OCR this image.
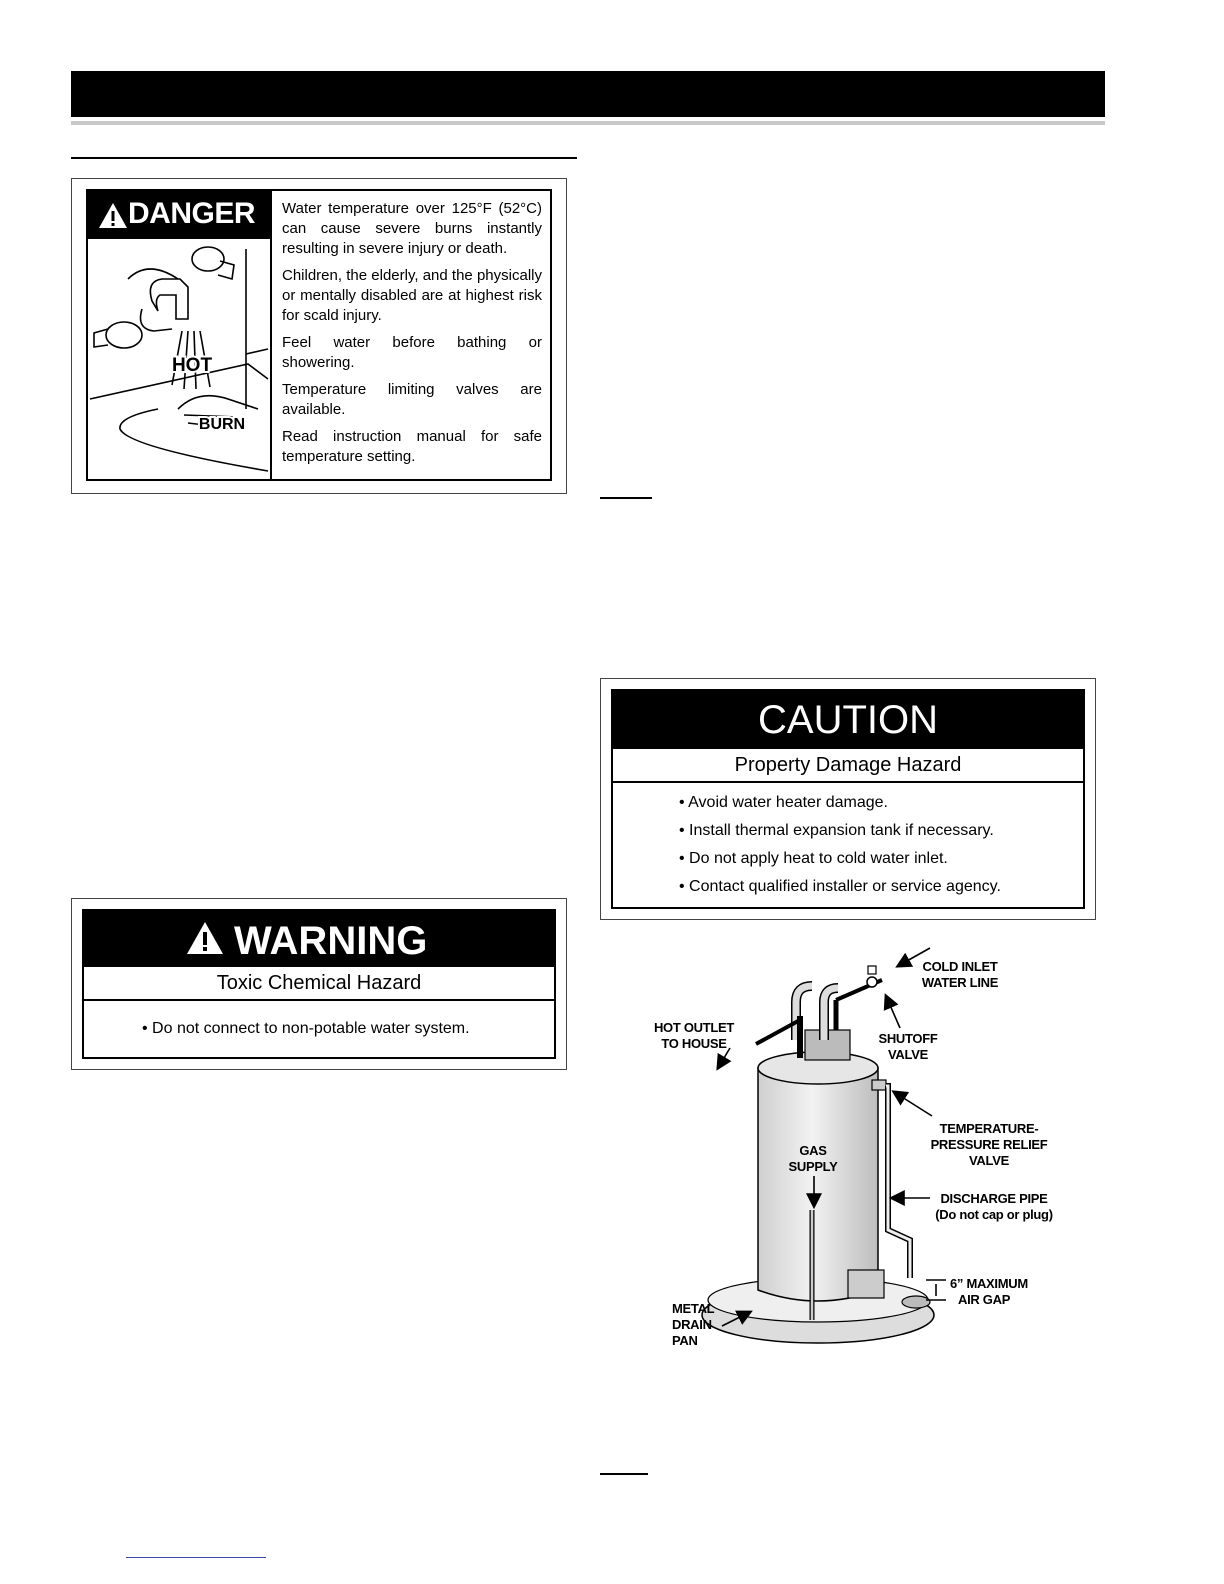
DANGER
HOT
BURN

Water temperature over 125°F (52°C) can cause severe burns instantly resulting in severe injury or death.

Children, the elderly, and the physically or mentally disabled are at highest risk for scald injury.

Feel water before bathing or showering.

Temperature limiting valves are available.

Read instruction manual for safe temperature setting.

WARNING
Toxic Chemical Hazard
• Do not connect to non-potable water system.
CAUTION
Property Damage Hazard
• Avoid water heater damage.
• Install thermal expansion tank if necessary.
• Do not apply heat to cold water inlet.
• Contact qualified installer or service agency.
COLD INLET
WATER LINE
HOT OUTLET
TO HOUSE	SHUTOFF
VALVE
TEMPERATURE-
PRESSURE RELIEF
VALVE
GAS
SUPPLY
DISCHARGE PIPE
(Do not cap or plug)
6” MAXIMUM
AIR GAP
METAL
DRAIN
PAN
